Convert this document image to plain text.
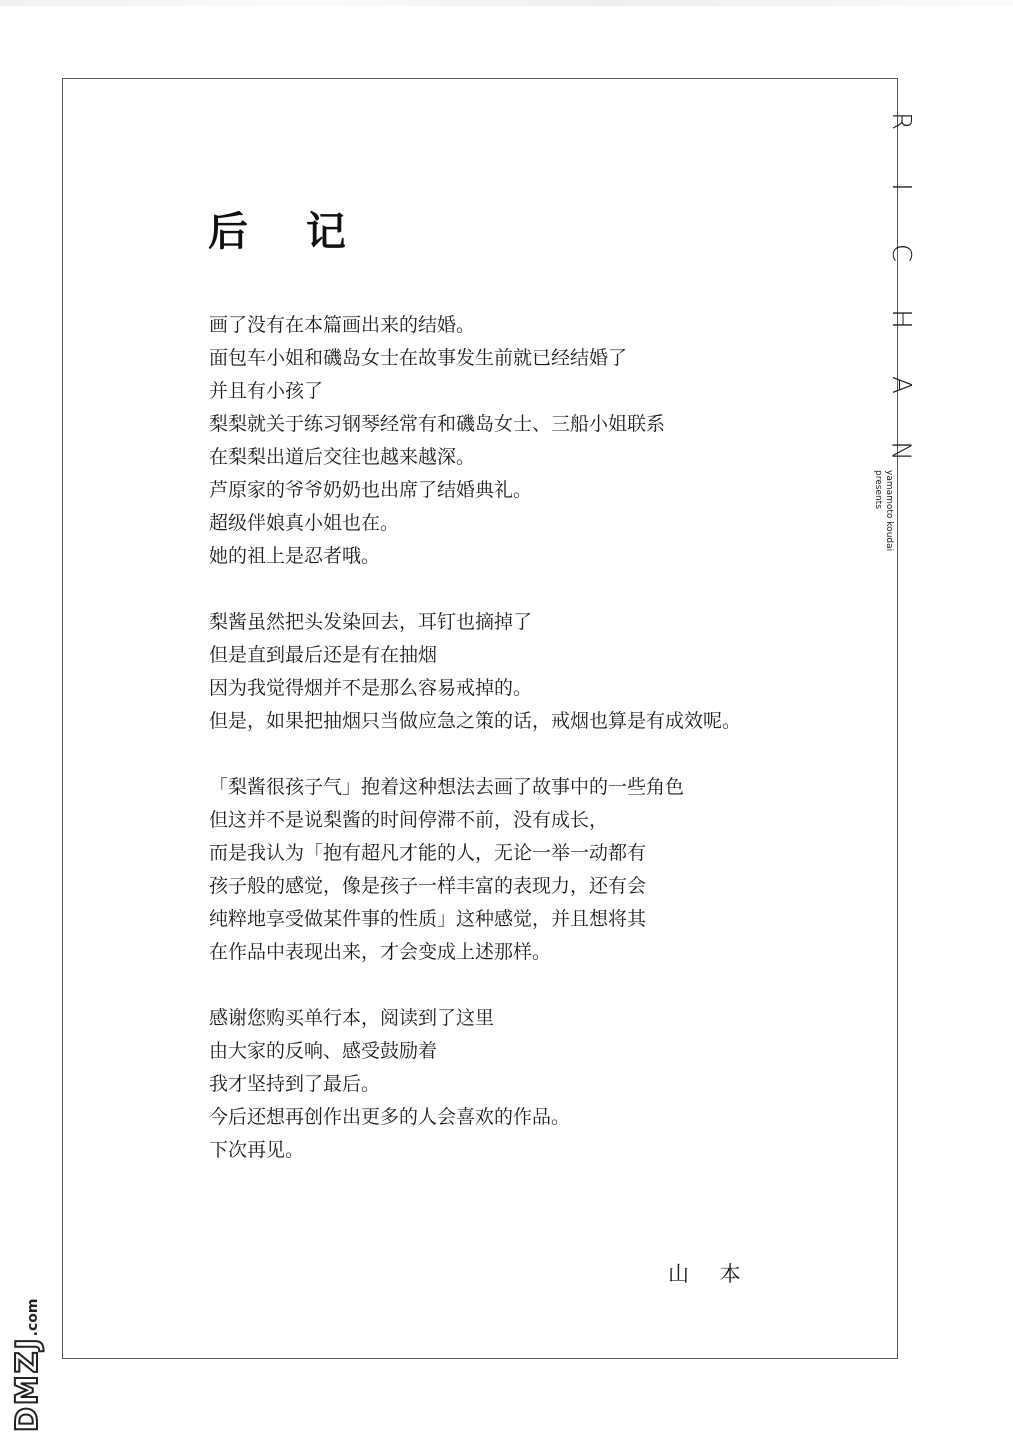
后 记
画了没有在本篇画出来的结婚。
面包车小姐和磯岛女士在故事发生前就已经结婚了
并且有小孩了
梨梨就关于练习钢琴经常有和磯岛女士、三船小姐联系
在梨梨出道后交往也越来越深。
芦原家的爷爷奶奶也出席了结婚典礼。
超级伴娘真小姐也在。
她的祖上是忍者哦。
梨酱虽然把头发染回去，耳钉也摘掉了
但是直到最后还是有在抽烟
因为我觉得烟并不是那么容易戒掉的。
但是，如果把抽烟只当做应急之策的话，戒烟也算是有成效呢。
「梨酱很孩子气」抱着这种想法去画了故事中的一些角色
但这并不是说梨酱的时间停滞不前，没有成长，
而是我认为「抱有超凡才能的人，无论一举一动都有
孩子般的感觉，像是孩子一样丰富的表现力，还有会
纯粹地享受做某件事的性质」这种感觉，并且想将其
在作品中表现出来，才会变成上述那样。
感谢您购买单行本，阅读到了这里
由大家的反响、感受鼓励着
我才坚持到了最后。
今后还想再创作出更多的人会喜欢的作品。
下次再见。
山 本
R
I
C
H
A
N
yamamoto koudai
presents
DMZJ.com
